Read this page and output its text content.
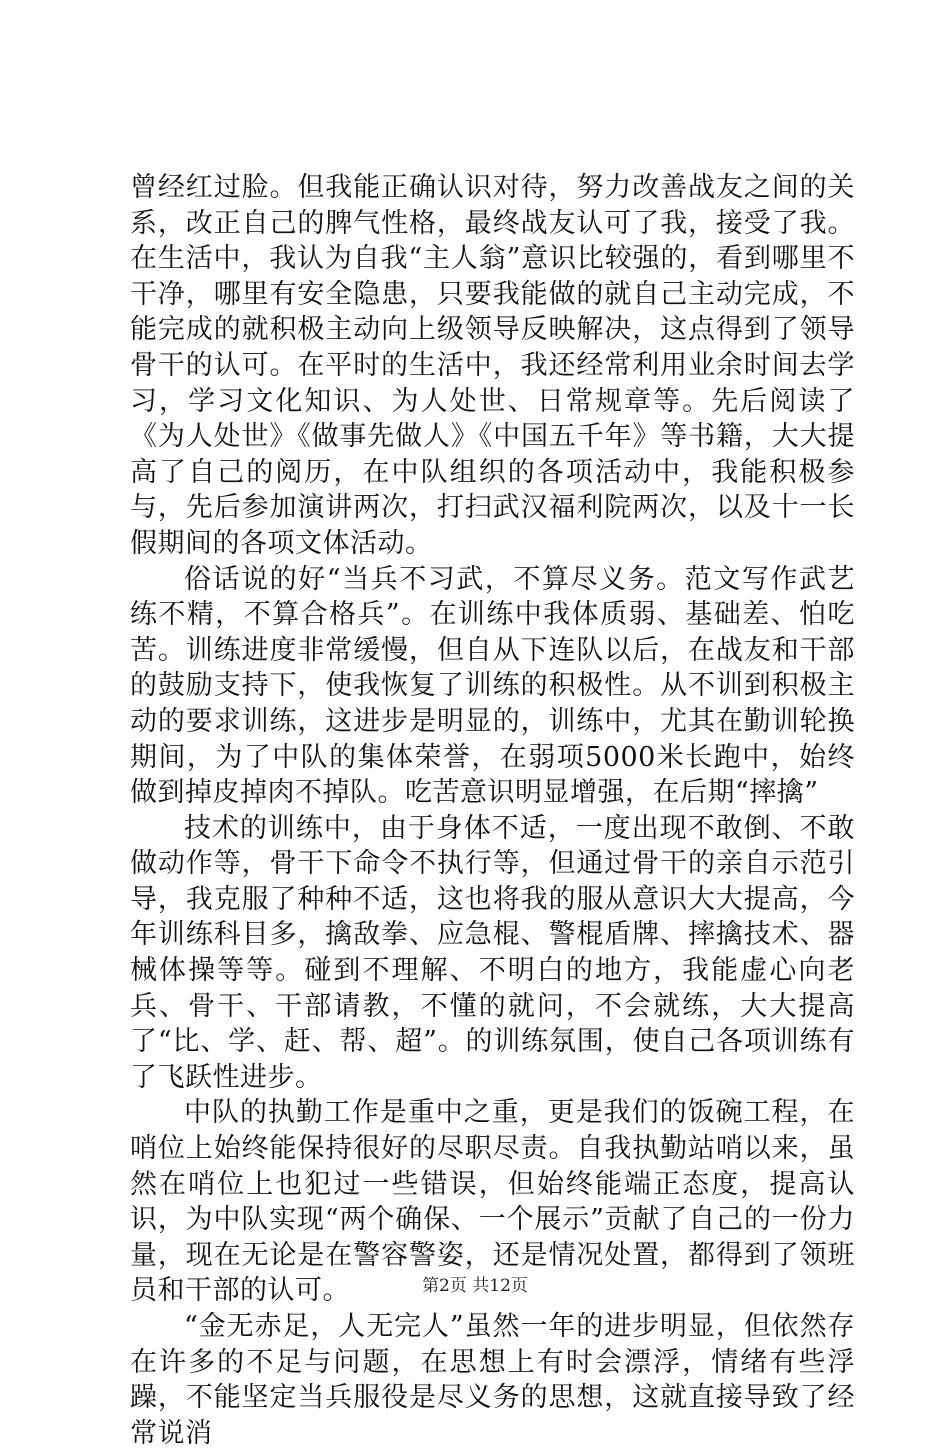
曾经红过脸。但我能正确认识对待，努力改善战友之间的关系，改正自己的脾气性格，最终战友认可了我，接受了我。在生活中，我认为自我“主人翁”意识比较强的，看到哪里不干净，哪里有安全隐患，只要我能做的就自己主动完成，不能完成的就积极主动向上级领导反映解决，这点得到了领导骨干的认可。在平时的生活中，我还经常利用业余时间去学习，学习文化知识、为人处世、日常规章等。先后阅读了《为人处世》《做事先做人》《中国五千年》等书籍，大大提高了自己的阅历，在中队组织的各项活动中，我能积极参与，先后参加演讲两次，打扫武汉福利院两次，以及十一长假期间的各项文体活动。

俗话说的好“当兵不习武，不算尽义务。范文写作武艺练不精，不算合格兵”。在训练中我体质弱、基础差、怕吃苦。训练进度非常缓慢，但自从下连队以后，在战友和干部的鼓励支持下，使我恢复了训练的积极性。从不训到积极主动的要求训练，这进步是明显的，训练中，尤其在勤训轮换期间，为了中队的集体荣誉，在弱项5000米长跑中，始终做到掉皮掉肉不掉队。吃苦意识明显增强，在后期“摔擒”

技术的训练中，由于身体不适，一度出现不敢倒、不敢做动作等，骨干下命令不执行等，但通过骨干的亲自示范引导，我克服了种种不适，这也将我的服从意识大大提高，今年训练科目多，擒敌拳、应急棍、警棍盾牌、摔擒技术、器械体操等等。碰到不理解、不明白的地方，我能虚心向老兵、骨干、干部请教，不懂的就问，不会就练，大大提高了“比、学、赶、帮、超”。的训练氛围，使自己各项训练有了飞跃性进步。

中队的执勤工作是重中之重，更是我们的饭碗工程，在哨位上始终能保持很好的尽职尽责。自我执勤站哨以来，虽然在哨位上也犯过一些错误，但始终能端正态度，提高认识，为中队实现“两个确保、一个展示”贡献了自己的一份力量，现在无论是在警容警姿，还是情况处置，都得到了领班员和干部的认可。

“金无赤足，人无完人”虽然一年的进步明显，但依然存在许多的不足与问题，在思想上有时会漂浮，情绪有些浮躁，不能坚定当兵服役是尽义务的思想，这就直接导致了经常说消

第2页 共12页
